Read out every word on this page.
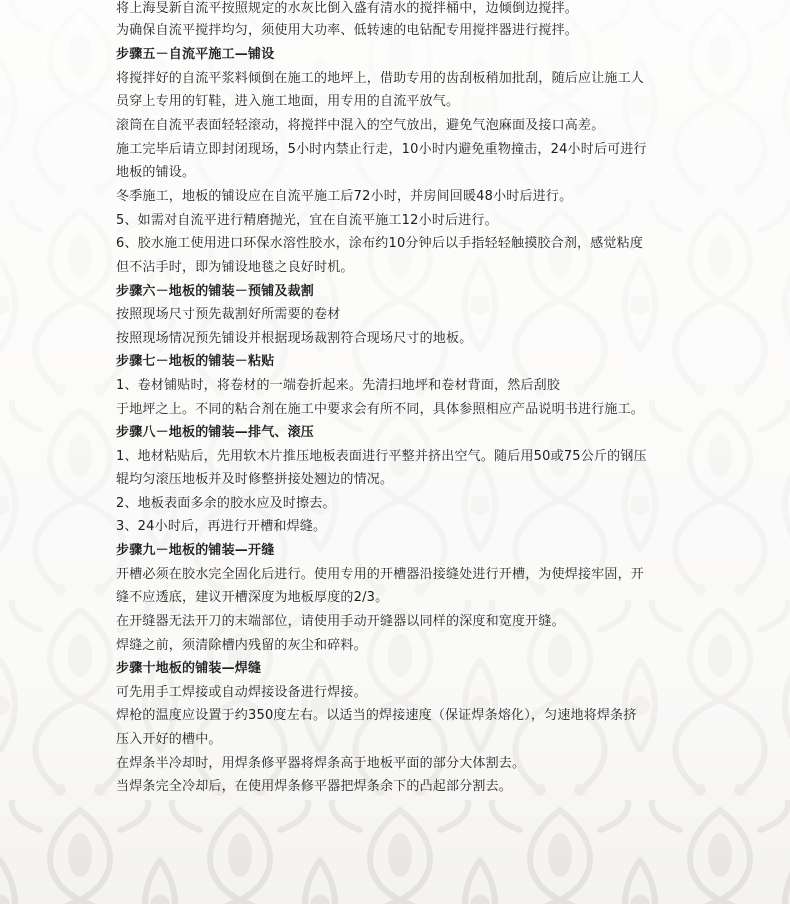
将上海旻新自流平按照规定的水灰比倒入盛有清水的搅拌桶中，边倾倒边搅拌。
为确保自流平搅拌均匀，须使用大功率、低转速的电钻配专用搅拌器进行搅拌。
步骤五－自流平施工—铺设
将搅拌好的自流平浆料倾倒在施工的地坪上，借助专用的齿刮板稍加批刮，随后应让施工人
员穿上专用的钉鞋，进入施工地面，用专用的自流平放气。
滚筒在自流平表面轻轻滚动，将搅拌中混入的空气放出，避免气泡麻面及接口高差。
施工完毕后请立即封闭现场，5小时内禁止行走，10小时内避免重物撞击，24小时后可进行
地板的铺设。
冬季施工，地板的铺设应在自流平施工后72小时，并房间回暖48小时后进行。
5、如需对自流平进行精磨抛光，宜在自流平施工12小时后进行。
6、胶水施工使用进口环保水溶性胶水，涂布约10分钟后以手指轻轻触摸胶合剂，感觉粘度
但不沾手时，即为铺设地毯之良好时机。
步骤六－地板的铺装－预铺及裁割
按照现场尺寸预先裁割好所需要的卷材
按照现场情况预先铺设并根据现场裁割符合现场尺寸的地板。
步骤七－地板的铺装－粘贴
1、卷材铺贴时，将卷材的一端卷折起来。先清扫地坪和卷材背面，然后刮胶
于地坪之上。不同的粘合剂在施工中要求会有所不同，具体参照相应产品说明书进行施工。
步骤八－地板的铺装—排气、滚压
1、地材粘贴后，先用软木片推压地板表面进行平整并挤出空气。随后用50或75公斤的钢压
辊均匀滚压地板并及时修整拼接处翘边的情况。
2、地板表面多余的胶水应及时擦去。
3、24小时后，再进行开槽和焊缝。
步骤九－地板的铺装—开缝
开槽必须在胶水完全固化后进行。使用专用的开槽器沿接缝处进行开槽，为使焊接牢固，开
缝不应透底，建议开槽深度为地板厚度的2/3。
在开缝器无法开刀的末端部位，请使用手动开缝器以同样的深度和宽度开缝。
焊缝之前，须清除槽内残留的灰尘和碎料。
步骤十地板的铺装—焊缝
可先用手工焊接或自动焊接设备进行焊接。
焊枪的温度应设置于约350度左右。以适当的焊接速度（保证焊条熔化），匀速地将焊条挤
压入开好的槽中。
在焊条半冷却时，用焊条修平器将焊条高于地板平面的部分大体割去。
当焊条完全冷却后，在使用焊条修平器把焊条余下的凸起部分割去。
